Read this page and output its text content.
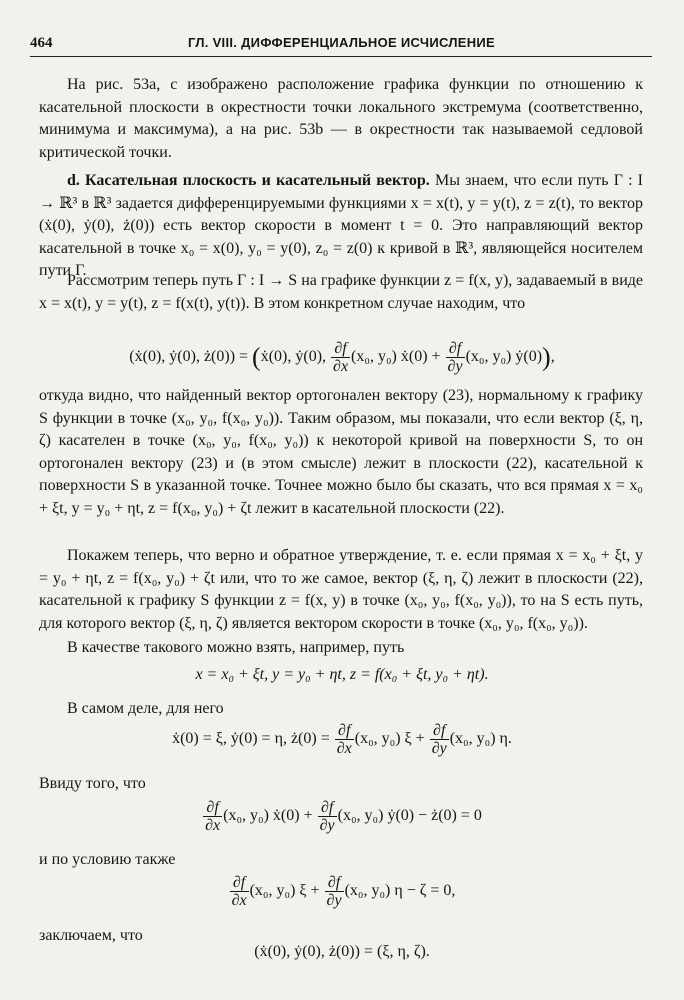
464	ГЛ. VIII. ДИФФЕРЕНЦИАЛЬНОЕ ИСЧИСЛЕНИЕ

На рис. 53a, c изображено расположение графика функции по отношению к касательной плоскости в окрестности точки локального экстремума (соответственно, минимума и максимума), а на рис. 53b — в окрестности так называемой седловой критической точки.

d. Касательная плоскость и касательный вектор. Мы знаем, что если путь Γ : I → ℝ³ в ℝ³ задается дифференцируемыми функциями x = x(t), y = y(t), z = z(t), то вектор (ẋ(0), ẏ(0), ż(0)) есть вектор скорости в момент t = 0. Это направляющий вектор касательной в точке x₀ = x(0), y₀ = y(0), z₀ = z(0) к кривой в ℝ³, являющейся носителем пути Γ.

Рассмотрим теперь путь Γ : I → S на графике функции z = f(x, y), задаваемый в виде x = x(t), y = y(t), z = f(x(t), y(t)). В этом конкретном случае находим, что

(ẋ(0), ẏ(0), ż(0)) = (ẋ(0), ẏ(0), $\frac{\partial f}{\partial x} (x_0$, y₀) ẋ(0) + $\frac{\partial f}{\partial y} (x_0$, y₀) ẏ(0)),

откуда видно, что найденный вектор ортогонален вектору (23), нормальному к графику S функции в точке (x₀, y₀, f(x₀, y₀)). Таким образом, мы показали, что если вектор (ξ, η, ζ) касателен в точке (x₀, y₀, f(x₀, y₀)) к некоторой кривой на поверхности S, то он ортогонален вектору (23) и (в этом смысле) лежит в плоскости (22), касательной к поверхности S в указанной точке. Точнее можно было бы сказать, что вся прямая x = x₀ + ξt, y = y₀ + ηt, z = f(x₀, y₀) + ζt лежит в касательной плоскости (22).

Покажем теперь, что верно и обратное утверждение, т. е. если прямая x = x₀ + ξt, y = y₀ + ηt, z = f(x₀, y₀) + ζt или, что то же самое, вектор (ξ, η, ζ) лежит в плоскости (22), касательной к графику S функции z = f(x, y) в точке (x₀, y₀, f(x₀, y₀)), то на S есть путь, для которого вектор (ξ, η, ζ) является вектором скорости в точке (x₀, y₀, f(x₀, y₀)).

В качестве такового можно взять, например, путь

x = x₀ + ξt, y = y₀ + ηt, z = f(x₀ + ξt, y₀ + ηt).

В самом деле, для него

ẋ(0) = ξ, ẏ(0) = η, ż(0) = $\frac{\partial f}{\partial x} (x_0$, y₀) $\xi + \frac{\partial f}{\partial y} (x_0$, y₀) η.

Ввиду того, что

$\frac{\partial f}{\partial x} (x_0$, y₀) ẋ(0) + $\frac{\partial f}{\partial y} (x_0$, y₀) ẏ(0) − ż(0) = 0

и по условию также

$\frac{\partial f}{\partial x} (x_0$, y₀) $\xi + \frac{\partial f}{\partial y} (x_0$, y₀) η − ζ = 0,

заключаем, что

(ẋ(0), ẏ(0), ż(0)) = (ξ, η, ζ).
